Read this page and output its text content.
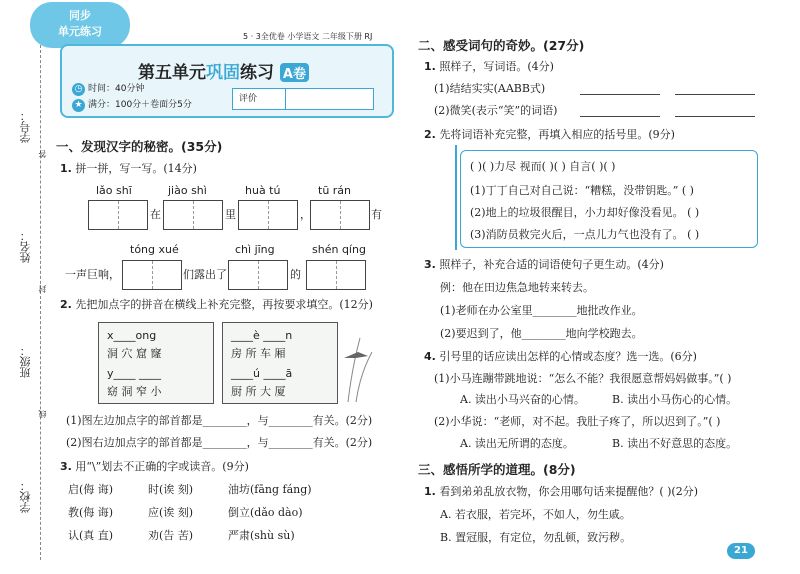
学号：
姓名：
班级：
学校：
答
封
线
同步
单元练习	5 · 3全优卷 小学语文 二年级下册 RJ
第五单元巩固练习 A卷
◷ 时间：40分钟
★ 满分：100分＋卷面分5分
评价
一、发现汉字的秘密。(35分)
1. 拼一拼，写一写。(14分)
lǎo shī	jiào shì	huà tú	tū rán
在	里	，	有
tóng xué	chì jīng	shén qíng
一声巨响，	们露出了	的
2. 先把加点字的拼音在横线上补充完整，再按要求填空。(12分)
x____ong
洞 穴 窟 窿
y____ ____
窈 洞 窄 小
____è ____n
房 所 车 厢
____ú ____ā
厨 所 大 厦
(1)图左边加点字的部首都是________，与________有关。(2分)
(2)图右边加点字的部首都是________，与________有关。(2分)
3. 用“\”划去不正确的字或读音。(9分)
启(侮 诲)	时(诶 刻)	油坊(fāng fáng)
教(侮 诲)	应(诶 刻)	倒立(dǎo dào)
认(真 直)	劝(告 苦)	严肃(shù sù)
二、感受词句的奇妙。(27分)
1. 照样子，写词语。(4分)
(1)结结实实(AABB式)
(2)微笑(表示“笑”的词语)
2. 先将词语补充完整，再填入相应的括号里。(9分)
( )( )力尽 视而( )( ) 自言( )( )
(1)丁丁自己对自己说：“糟糕，没带钥匙。” ( )
(2)地上的垃圾很醒目，小力却好像没看见。 ( )
(3)消防员救完火后，一点儿力气也没有了。 ( )
3. 照样子，补充合适的词语使句子更生动。(4分)
例：他在田边焦急地转来转去。
(1)老师在办公室里________地批改作业。
(2)要迟到了，他________地向学校跑去。
4. 引号里的话应读出怎样的心情或态度？选一选。(6分)
(1)小马连蹦带跳地说：“怎么不能？我很愿意帮妈妈做事。”( )
A. 读出小马兴奋的心情。 B. 读出小马伤心的心情。
(2)小华说：“老师，对不起。我肚子疼了，所以迟到了。”( )
A. 读出无所谓的态度。	B. 读出不好意思的态度。
三、感悟所学的道理。(8分)
1. 看到弟弟乱放衣物，你会用哪句话来提醒他？( )(2分)
A. 若衣服，若完坏，不如人，勿生戚。
B. 置冠服，有定位，勿乱顿，致污秽。
21
